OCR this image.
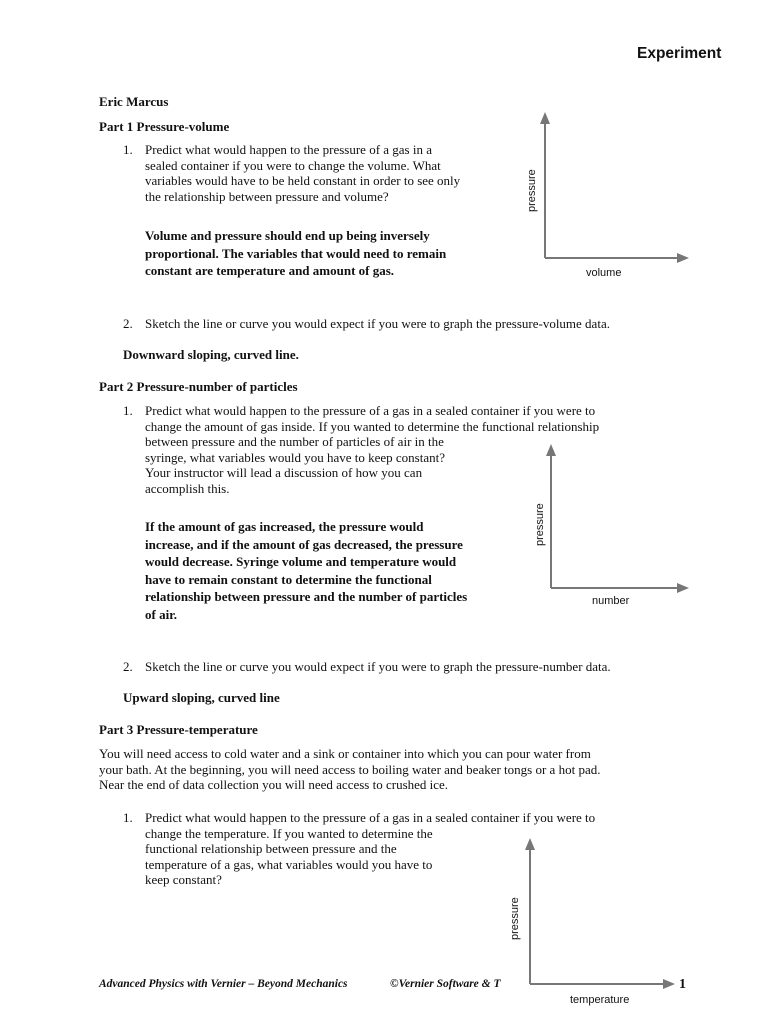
Experiment
Eric Marcus
Part 1 Pressure-volume
1. Predict what would happen to the pressure of a gas in a
sealed container if you were to change the volume. What
variables would have to be held constant in order to see only
the relationship between pressure and volume?
Volume and pressure should end up being inversely
proportional. The variables that would need to remain
constant are temperature and amount of gas.
2. Sketch the line or curve you would expect if you were to graph the pressure-volume data.
Downward sloping, curved line.
pressure
volume
Part 2 Pressure-number of particles
1. Predict what would happen to the pressure of a gas in a sealed container if you were to
change the amount of gas inside. If you wanted to determine the functional relationship
between pressure and the number of particles of air in the
syringe, what variables would you have to keep constant?
Your instructor will lead a discussion of how you can
accomplish this.
If the amount of gas increased, the pressure would
increase, and if the amount of gas decreased, the pressure
would decrease. Syringe volume and temperature would
have to remain constant to determine the functional
relationship between pressure and the number of particles
of air.
2. Sketch the line or curve you would expect if you were to graph the pressure-number data.
Upward sloping, curved line
pressure
number
Part 3 Pressure-temperature
You will need access to cold water and a sink or container into which you can pour water from
your bath. At the beginning, you will need access to boiling water and beaker tongs or a hot pad.
Near the end of data collection you will need access to crushed ice.
1. Predict what would happen to the pressure of a gas in a sealed container if you were to
change the temperature. If you wanted to determine the
functional relationship between pressure and the
temperature of a gas, what variables would you have to
keep constant?
pressure
temperature
Advanced Physics with Vernier – Beyond Mechanics	©Vernier Software & T	1
